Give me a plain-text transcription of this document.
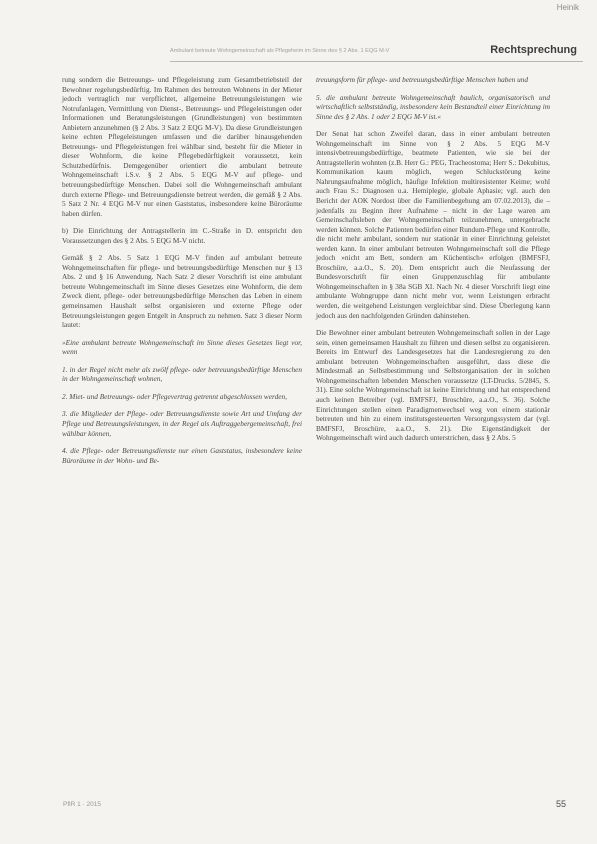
Heinik
Ambulant betreute Wohngemeinschaft als Pflegeheim im Sinne des § 2 Abs. 1 EQG M-V	Rechtsprechung

rung sondern die Betreuungs- und Pflegeleistung zum Gesamtbetriebsteil der Bewohner regelungsbedürftig. Im Rahmen des betreuten Wohnens in der Mieter jedoch vertraglich nur verpflichtet, allgemeine Betreuungsleistungen wie Notrufanlagen, Vermittlung von Dienst-, Betreuungs- und Pflegeleistungen oder Informationen und Beratungsleistungen (Grundleistungen) von bestimmten Anbietern anzunehmen (§ 2 Abs. 3 Satz 2 EQG M-V). Da diese Grundleistungen keine echten Pflegeleistungen umfassen und die darüber hinausgehenden Betreuungs- und Pflegeleistungen frei wählbar sind, besteht für die Mieter in dieser Wohnform, die keine Pflegebedürftigkeit voraussetzt, kein Schutzbedürfnis. Demgegenüber orientiert die ambulant betreute Wohngemeinschaft i.S.v. § 2 Abs. 5 EQG M-V auf pflege- und betreuungsbedürftige Menschen. Dabei soll die Wohngemeinschaft ambulant durch externe Pflege- und Betreuungsdienste betreut werden, die gemäß § 2 Abs. 5 Satz 2 Nr. 4 EQG M-V nur einen Gaststatus, insbesondere keine Büroräume haben dürfen.

b) Die Einrichtung der Antragstellerin im C.-Straße in D. entspricht den Voraussetzungen des § 2 Abs. 5 EQG M-V nicht.

Gemäß § 2 Abs. 5 Satz 1 EQG M-V finden auf ambulant betreute Wohngemeinschaften für pflege- und betreuungsbedürftige Menschen nur § 13 Abs. 2 und § 16 Anwendung. Nach Satz 2 dieser Vorschrift ist eine ambulant betreute Wohngemeinschaft im Sinne dieses Gesetzes eine Wohnform, die dem Zweck dient, pflege- oder betreuungsbedürftige Menschen das Leben in einem gemeinsamen Haushalt selbst organisieren und externe Pflege oder Betreuungsleistungen gegen Entgelt in Anspruch zu nehmen. Satz 3 dieser Norm lautet:

»Eine ambulant betreute Wohngemeinschaft im Sinne dieses Gesetzes liegt vor, wenn

1. in der Regel nicht mehr als zwölf pflege- oder betreuungsbedürftige Menschen in der Wohngemeinschaft wohnen,

2. Miet- und Betreuungs- oder Pflegevertrag getrennt abgeschlossen werden,

3. die Mitglieder der Pflege- oder Betreuungsdienste sowie Art und Umfang der Pflege und Betreuungsleistungen, in der Regel als Auftraggebergemeinschaft, frei wählbar können,

4. die Pflege- oder Betreuungsdienste nur einen Gaststatus, insbesondere keine Büroräume in der Wohn- und Be-

treuungsform für pflege- und betreuungsbedürftige Menschen haben und

5. die ambulant betreute Wohngemeinschaft baulich, organisatorisch und wirtschaftlich selbstständig, insbesondere kein Bestandteil einer Einrichtung im Sinne des § 2 Abs. 1 oder 2 EQG M-V ist.«

Der Senat hat schon Zweifel daran, dass in einer ambulant betreuten Wohngemeinschaft im Sinne von § 2 Abs. 5 EQG M-V intensivbetreuungsbedürftige, beatmete Patienten, wie sie bei der Antragstellerin wohnten (z.B. Herr G.: PEG, Tracheostoma; Herr S.: Dekubitus, Kommunikation kaum möglich, wegen Schluckstörung keine Nahrungsaufnahme möglich, häufige Infektion multiresistenter Keime; wohl auch Frau S.: Diagnosen u.a. Hemiplegie, globale Aphasie; vgl. auch den Bericht der AOK Nordost über die Familienbegehung am 07.02.2013), die – jedenfalls zu Beginn ihrer Aufnahme – nicht in der Lage waren am Gemeinschaftsleben der Wohngemeinschaft teilzunehmen, untergebracht werden können. Solche Patienten bedürfen einer Rundum-Pflege und Kontrolle, die nicht mehr ambulant, sondern nur stationär in einer Einrichtung geleistet werden kann. In einer ambulant betreuten Wohngemeinschaft soll die Pflege jedoch »nicht am Bett, sondern am Küchentisch« erfolgen (BMFSFJ, Broschüre, a.a.O., S. 20). Dem entspricht auch die Neufassung der Bundesvorschrift für einen Gruppenzuschlag für ambulante Wohngemeinschaften in § 38a SGB XI. Nach Nr. 4 dieser Vorschrift liegt eine ambulante Wohngruppe dann nicht mehr vor, wenn Leistungen erbracht werden, die weitgehend Leistungen vergleichbar sind. Diese Überlegung kann jedoch aus den nachfolgenden Gründen dahinstehen.

Die Bewohner einer ambulant betreuten Wohngemeinschaft sollen in der Lage sein, einen gemeinsamen Haushalt zu führen und diesen selbst zu organisieren. Bereits im Entwurf des Landesgesetzes hat die Landesregierung zu den ambulant betreuten Wohngemeinschaften ausgeführt, dass diese die Mindestmaß an Selbstbestimmung und Selbstorganisation der in solchen Wohngemeinschaften lebenden Menschen voraussetze (LT-Drucks. 5/2845, S. 31). Eine solche Wohngemeinschaft ist keine Einrichtung und hat entsprechend auch keinen Betreiber (vgl. BMFSFJ, Broschüre, a.a.O., S. 36). Solche Einrichtungen stellen einen Paradigmenwechsel weg von einem stationär betreuten und hin zu einem institutsgesteuerten Versorgungssystem dar (vgl. BMFSFJ, Broschüre, a.a.O., S. 21). Die Eigenständigkeit der Wohngemeinschaft wird auch dadurch unterstrichen, dass § 2 Abs. 5

PflR 1 · 2015	55
